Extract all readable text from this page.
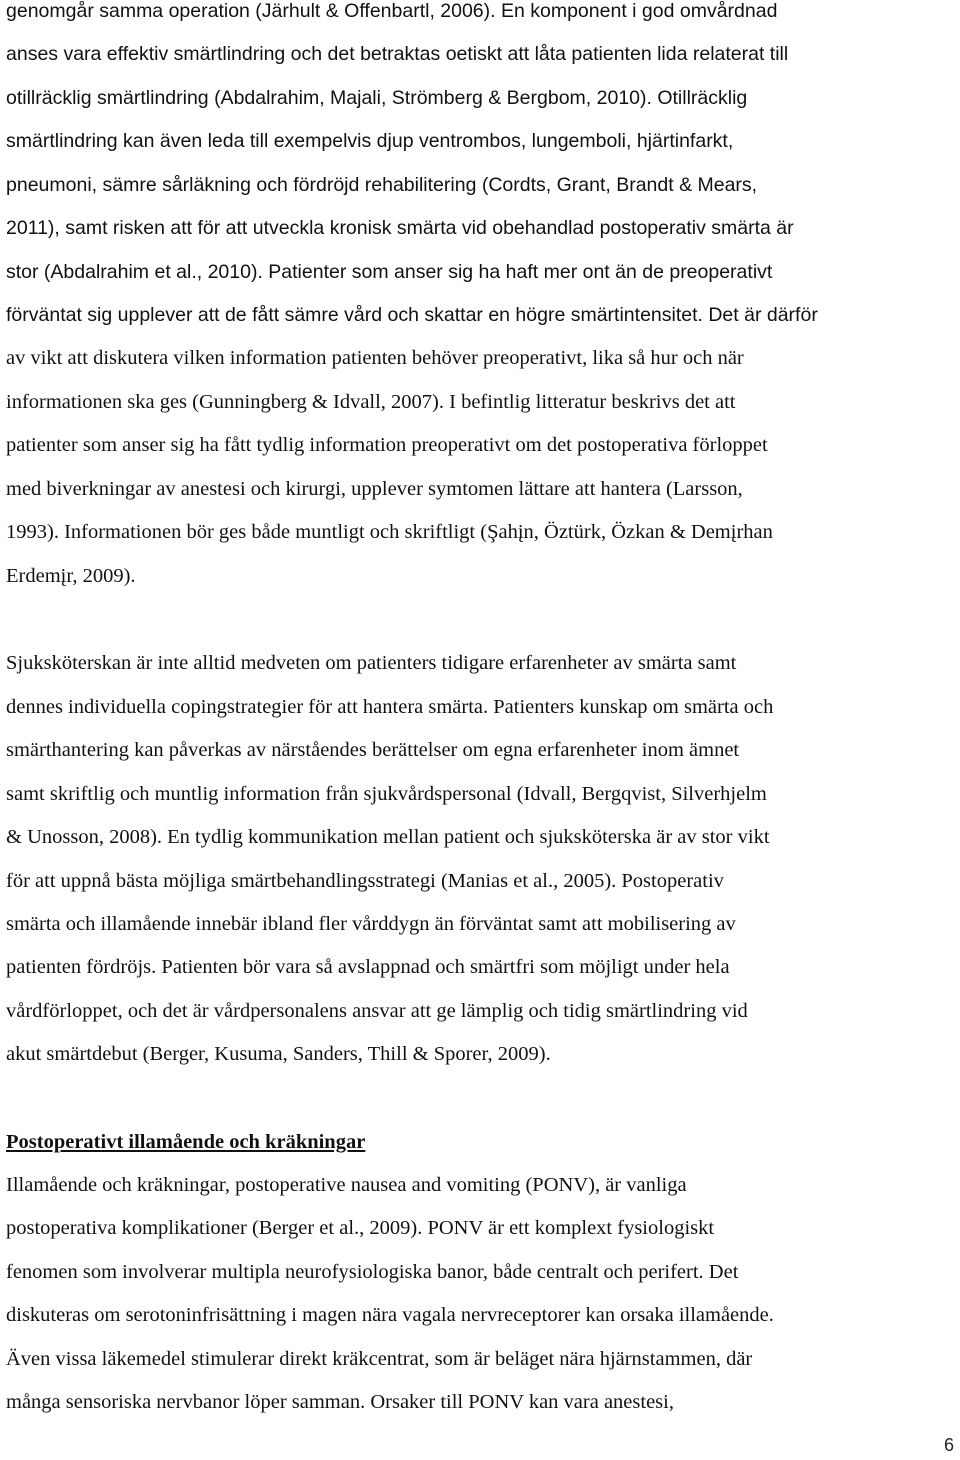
genomgår samma operation (Järhult & Offenbartl, 2006). En komponent i god omvårdnad
anses vara effektiv smärtlindring och det betraktas oetiskt att låta patienten lida relaterat till
otillräcklig smärtlindring (Abdalrahim, Majali, Strömberg & Bergbom, 2010). Otillräcklig
smärtlindring kan även leda till exempelvis djup ventrombos, lungemboli, hjärtinfarkt,
pneumoni, sämre sårläkning och fördröjd rehabilitering (Cordts, Grant, Brandt & Mears,
2011), samt risken att för att utveckla kronisk smärta vid obehandlad postoperativ smärta är
stor (Abdalrahim et al., 2010). Patienter som anser sig ha haft mer ont än de preoperativt
förväntat sig upplever att de fått sämre vård och skattar en högre smärtintensitet. Det är därför
av vikt att diskutera vilken information patienten behöver preoperativt, lika så hur och när
informationen ska ges (Gunningberg & Idvall, 2007). I befintlig litteratur beskrivs det att
patienter som anser sig ha fått tydlig information preoperativt om det postoperativa förloppet
med biverkningar av anestesi och kirurgi, upplever symtomen lättare att hantera (Larsson,
1993). Informationen bör ges både muntligt och skriftligt (Şahįn, Öztürk, Özkan & Demįrhan
Erdemįr, 2009).
Sjuksköterskan är inte alltid medveten om patienters tidigare erfarenheter av smärta samt
dennes individuella copingstrategier för att hantera smärta. Patienters kunskap om smärta och
smärthantering kan påverkas av närståendes berättelser om egna erfarenheter inom ämnet
samt skriftlig och muntlig information från sjukvårdspersonal (Idvall, Bergqvist, Silverhjelm
& Unosson, 2008). En tydlig kommunikation mellan patient och sjuksköterska är av stor vikt
för att uppnå bästa möjliga smärtbehandlingsstrategi (Manias et al., 2005). Postoperativ
smärta och illamående innebär ibland fler vårddygn än förväntat samt att mobilisering av
patienten fördröjs. Patienten bör vara så avslappnad och smärtfri som möjligt under hela
vårdförloppet, och det är vårdpersonalens ansvar att ge lämplig och tidig smärtlindring vid
akut smärtdebut (Berger, Kusuma, Sanders, Thill & Sporer, 2009).
Postoperativt illamående och kräkningar
Illamående och kräkningar, postoperative nausea and vomiting (PONV), är vanliga
postoperativa komplikationer (Berger et al., 2009). PONV är ett komplext fysiologiskt
fenomen som involverar multipla neurofysiologiska banor, både centralt och perifert. Det
diskuteras om serotoninfrisättning i magen nära vagala nervreceptorer kan orsaka illamående.
Även vissa läkemedel stimulerar direkt kräkcentrat, som är beläget nära hjärnstammen, där
många sensoriska nervbanor löper samman. Orsaker till PONV kan vara anestesi,
6
